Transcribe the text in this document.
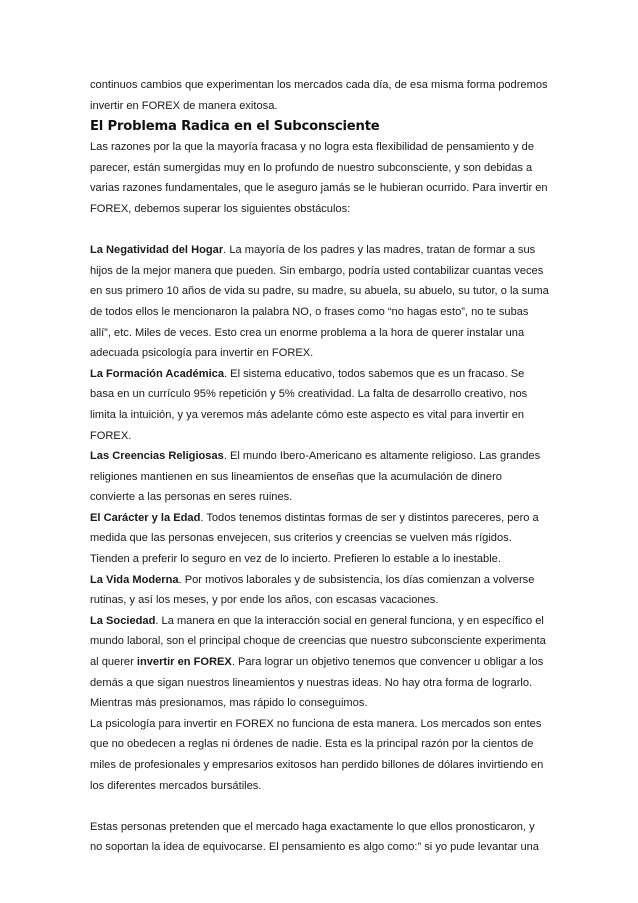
continuos cambios que experimentan los mercados cada día, de esa misma forma podremos invertir en FOREX de manera exitosa.

El Problema Radica en el Subconsciente

Las razones por la que la mayoría fracasa y no logra esta flexibilidad de pensamiento y de parecer, están sumergidas muy en lo profundo de nuestro subconsciente, y son debidas a varias razones fundamentales, que le aseguro jamás se le hubieran ocurrido. Para invertir en FOREX, debemos superar los siguientes obstáculos:

La Negatividad del Hogar. La mayoría de los padres y las madres, tratan de formar a sus hijos de la mejor manera que pueden. Sin embargo, podría usted contabilizar cuantas veces en sus primero 10 años de vida su padre, su madre, su abuela, su abuelo, su tutor, o la suma de todos ellos le mencionaron la palabra NO, o frases como “no hagas esto”, no te subas allí”, etc. Miles de veces. Esto crea un enorme problema a la hora de querer instalar una adecuada psicología para invertir en FOREX.

La Formación Académica. El sistema educativo, todos sabemos que es un fracaso. Se basa en un currículo 95% repetición y 5% creatividad. La falta de desarrollo creativo, nos limita la intuición, y ya veremos más adelante cómo este aspecto es vital para invertir en FOREX.

Las Creencias Religiosas. El mundo Ibero-Americano es altamente religioso. Las grandes religiones mantienen en sus lineamientos de enseñas que la acumulación de dinero convierte a las personas en seres ruines.

El Carácter y la Edad. Todos tenemos distintas formas de ser y distintos pareceres, pero a medida que las personas envejecen, sus criterios y creencias se vuelven más rígidos. Tienden a preferir lo seguro en vez de lo incierto. Prefieren lo estable a lo inestable.

La Vida Moderna. Por motivos laborales y de subsistencia, los días comienzan a volverse rutinas, y así los meses, y por ende los años, con escasas vacaciones.

La Sociedad. La manera en que la interacción social en general funciona, y en específico el mundo laboral, son el principal choque de creencias que nuestro subconsciente experimenta al querer invertir en FOREX. Para lograr un objetivo tenemos que convencer u obligar a los demás a que sigan nuestros lineamientos y nuestras ideas. No hay otra forma de lograrlo. Mientras más presionamos, mas rápido lo conseguimos.

La psicología para invertir en FOREX no funciona de esta manera. Los mercados son entes que no obedecen a reglas ni órdenes de nadie. Esta es la principal razón por la cientos de miles de profesionales y empresarios exitosos han perdido billones de dólares invirtiendo en los diferentes mercados bursátiles.

Estas personas pretenden que el mercado haga exactamente lo que ellos pronosticaron, y no soportan la idea de equivocarse. El pensamiento es algo como:” si yo pude levantar una
